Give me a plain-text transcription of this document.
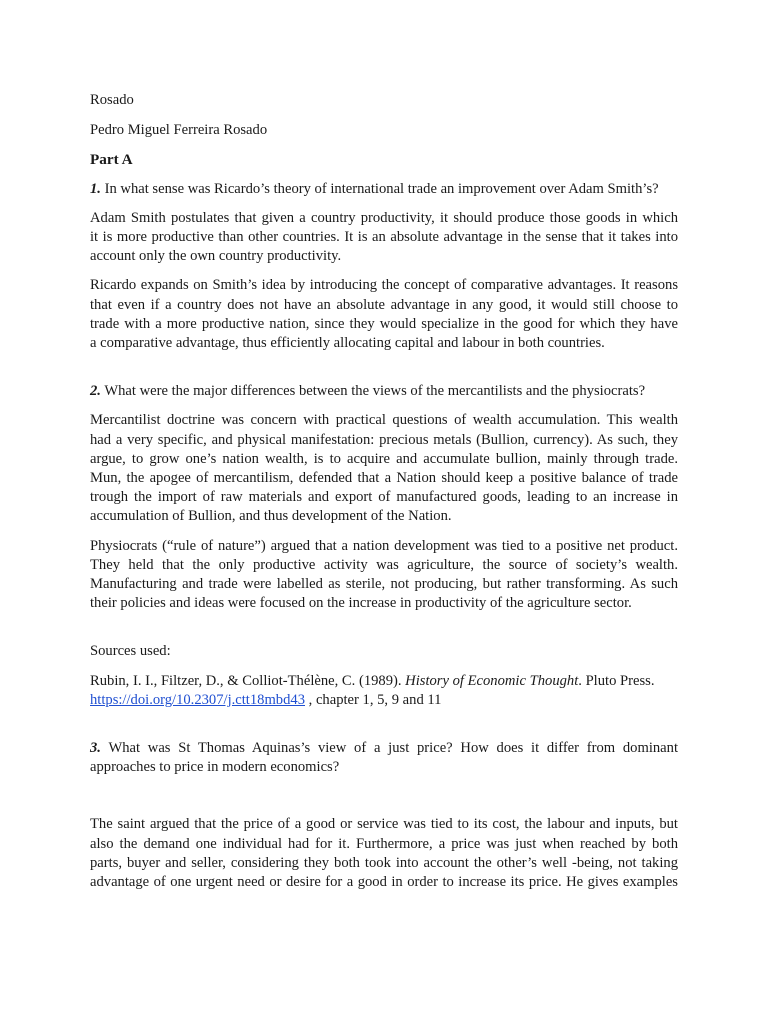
Rosado

Pedro Miguel Ferreira Rosado

Part A

1. In what sense was Ricardo’s theory of international trade an improvement over Adam Smith’s?

Adam Smith postulates that given a country productivity, it should produce those goods in which
it is more productive than other countries. It is an absolute advantage in the sense that it takes into
account only the own country productivity.

Ricardo expands on Smith’s idea by introducing the concept of comparative advantages. It reasons
that even if a country does not have an absolute advantage in any good, it would still choose to
trade with a more productive nation, since they would specialize in the good for which they have
a comparative advantage, thus efficiently allocating capital and labour in both countries.

2. What were the major differences between the views of the mercantilists and the physiocrats?

Mercantilist doctrine was concern with practical questions of wealth accumulation. This wealth
had a very specific, and physical manifestation: precious metals (Bullion, currency). As such, they
argue, to grow one’s nation wealth, is to acquire and accumulate bullion, mainly through trade.
Mun, the apogee of mercantilism, defended that a Nation should keep a positive balance of trade
trough the import of raw materials and export of manufactured goods, leading to an increase in
accumulation of Bullion, and thus development of the Nation.

Physiocrats (“rule of nature”) argued that a nation development was tied to a positive net product.
They held that the only productive activity was agriculture, the source of society’s wealth.
Manufacturing and trade were labelled as sterile, not producing, but rather transforming. As such
their policies and ideas were focused on the increase in productivity of the agriculture sector.

Sources used:

Rubin, I. I., Filtzer, D., & Colliot-Thélène, C. (1989). History of Economic Thought. Pluto Press.
https://doi.org/10.2307/j.ctt18mbd43 , chapter 1, 5, 9 and 11

3. What was St Thomas Aquinas’s view of a just price? How does it differ from dominant
approaches to price in modern economics?

The saint argued that the price of a good or service was tied to its cost, the labour and inputs, but
also the demand one individual had for it. Furthermore, a price was just when reached by both
parts, buyer and seller, considering they both took into account the other’s well -being, not taking
advantage of one urgent need or desire for a good in order to increase its price. He gives examples
